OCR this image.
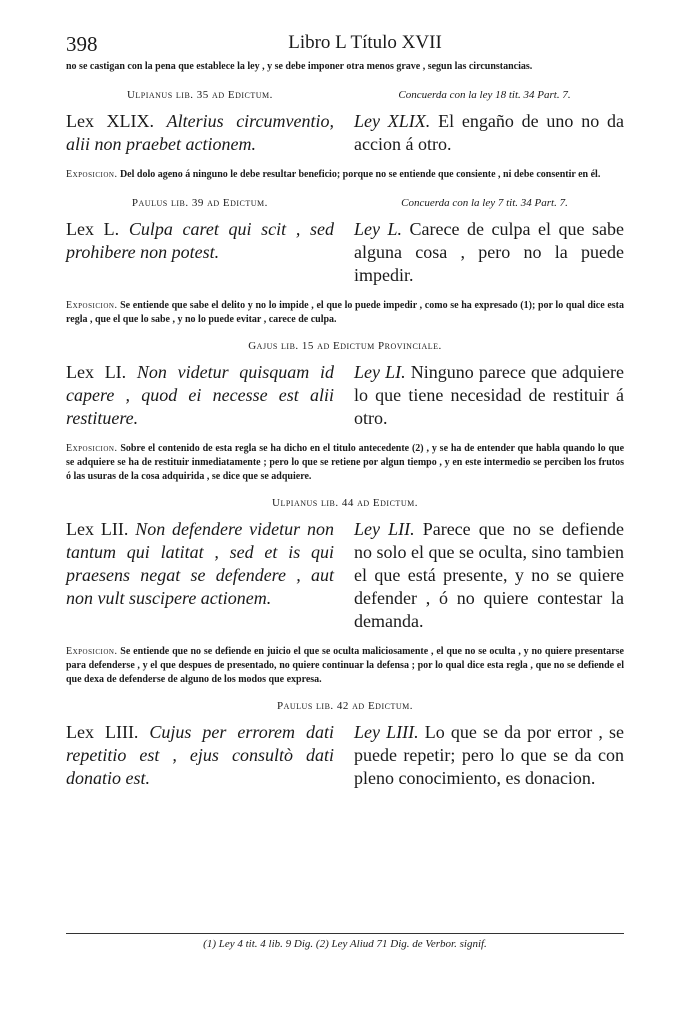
398	Libro L Título XVII
no se castigan con la pena que establece la ley , y se debe imponer otra menos grave , segun las circunstancias.
Ulpianus lib. 35 ad Edictum.	Concuerda con la ley 18 tit. 34 Part. 7.
Lex XLIX. Alterius circumventio, alii non praebet actionem.
Ley XLIX. El engaño de uno no da accion á otro.
Exposicion. Del dolo ageno á ninguno le debe resultar beneficio; porque no se entiende que consiente , ni debe consentir en él.
Paulus lib. 39 ad Edictum.	Concuerda con la ley 7 tit. 34 Part. 7.
Lex L. Culpa caret qui scit , sed prohibere non potest.
Ley L. Carece de culpa el que sabe alguna cosa , pero no la puede impedir.
Exposicion. Se entiende que sabe el delito y no lo impide , el que lo puede impedir , como se ha expresado (1); por lo qual dice esta regla , que el que lo sabe , y no lo puede evitar , carece de culpa.
Gajus lib. 15 ad Edictum Provinciale.
Lex LI. Non videtur quisquam id capere , quod ei necesse est alii restituere.
Ley LI. Ninguno parece que adquiere lo que tiene necesidad de restituir á otro.
Exposicion. Sobre el contenido de esta regla se ha dicho en el titulo antecedente (2) , y se ha de entender que habla quando lo que se adquiere se ha de restituir inmediatamente ; pero lo que se retiene por algun tiempo , y en este intermedio se perciben los frutos ó las usuras de la cosa adquirida , se dice que se adquiere.
Ulpianus lib. 44 ad Edictum.
Lex LII. Non defendere videtur non tantum qui latitat , sed et is qui praesens negat se defendere , aut non vult suscipere actionem.
Ley LII. Parece que no se defiende no solo el que se oculta, sino tambien el que está presente, y no se quiere defender , ó no quiere contestar la demanda.
Exposicion. Se entiende que no se defiende en juicio el que se oculta maliciosamente , el que no se oculta , y no quiere presentarse para defenderse , y el que despues de presentado, no quiere continuar la defensa ; por lo qual dice esta regla , que no se defiende el que dexa de defenderse de alguno de los modos que expresa.
Paulus lib. 42 ad Edictum.
Lex LIII. Cujus per errorem dati repetitio est , ejus consultò dati donatio est.
Ley LIII. Lo que se da por error , se puede repetir; pero lo que se da con pleno conocimiento, es donacion.
(1) Ley 4 tit. 4 lib. 9 Dig. (2) Ley Aliud 71 Dig. de Verbor. signif.
